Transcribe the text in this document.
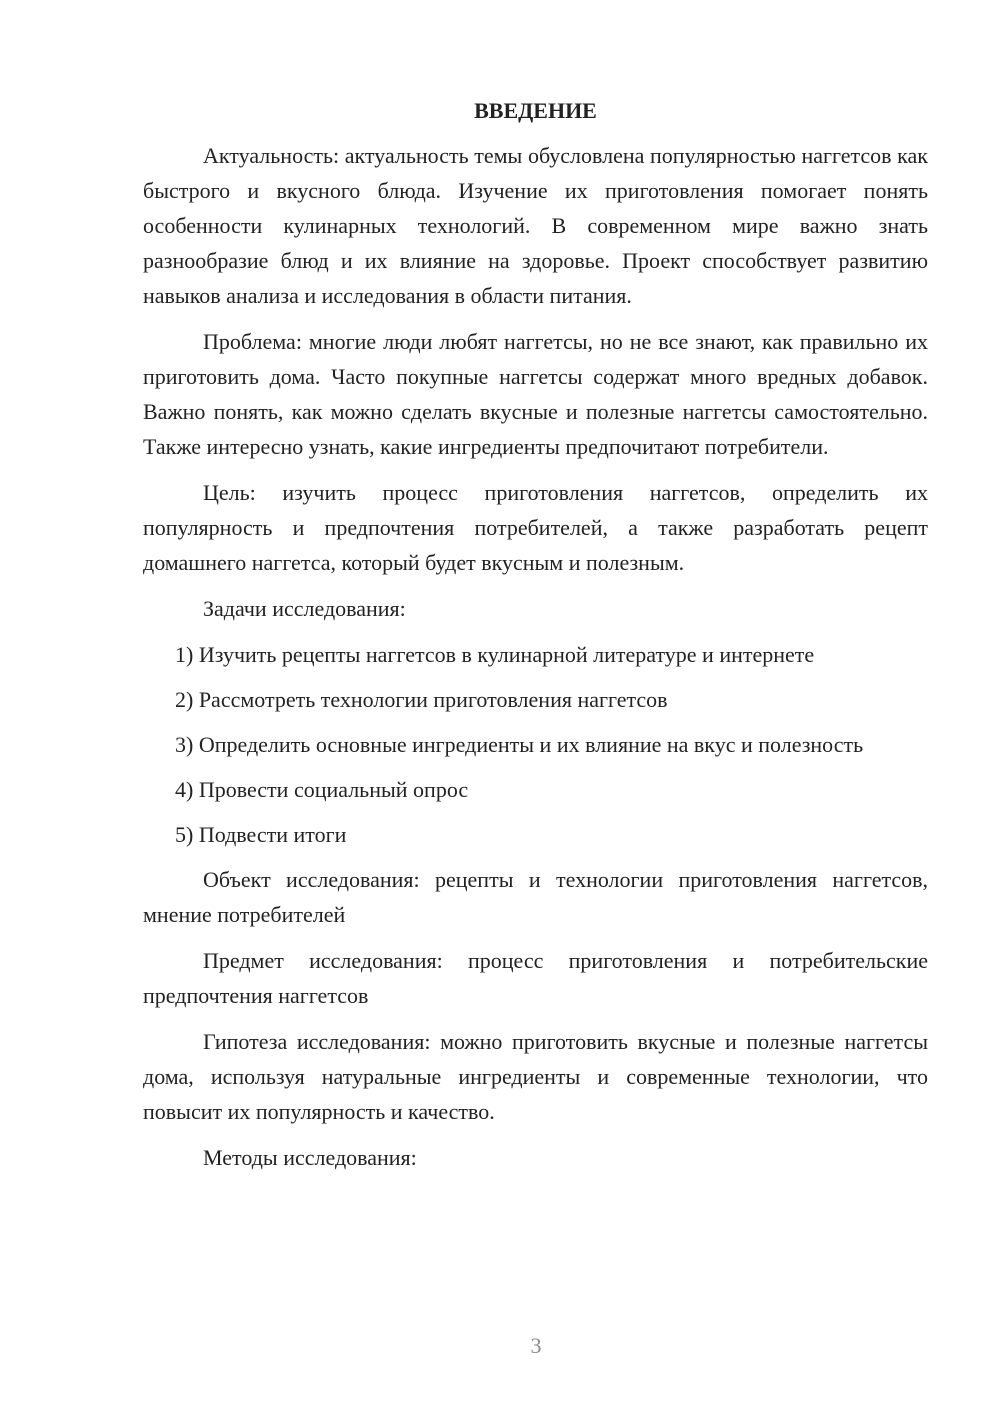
ВВЕДЕНИЕ

Актуальность: актуальность темы обусловлена популярностью наггетсов как быстрого и вкусного блюда. Изучение их приготовления помогает понять особенности кулинарных технологий. В современном мире важно знать разнообразие блюд и их влияние на здоровье. Проект способствует развитию навыков анализа и исследования в области питания.

Проблема: многие люди любят наггетсы, но не все знают, как правильно их приготовить дома. Часто покупные наггетсы содержат много вредных добавок. Важно понять, как можно сделать вкусные и полезные наггетсы самостоятельно. Также интересно узнать, какие ингредиенты предпочитают потребители.

Цель: изучить процесс приготовления наггетсов, определить их популярность и предпочтения потребителей, а также разработать рецепт домашнего наггетса, который будет вкусным и полезным.

Задачи исследования:

1) Изучить рецепты наггетсов в кулинарной литературе и интернете

2) Рассмотреть технологии приготовления наггетсов

3) Определить основные ингредиенты и их влияние на вкус и полезность

4) Провести социальный опрос

5) Подвести итоги

Объект исследования: рецепты и технологии приготовления наггетсов, мнение потребителей

Предмет исследования: процесс приготовления и потребительские предпочтения наггетсов

Гипотеза исследования: можно приготовить вкусные и полезные наггетсы дома, используя натуральные ингредиенты и современные технологии, что повысит их популярность и качество.

Методы исследования:

3
